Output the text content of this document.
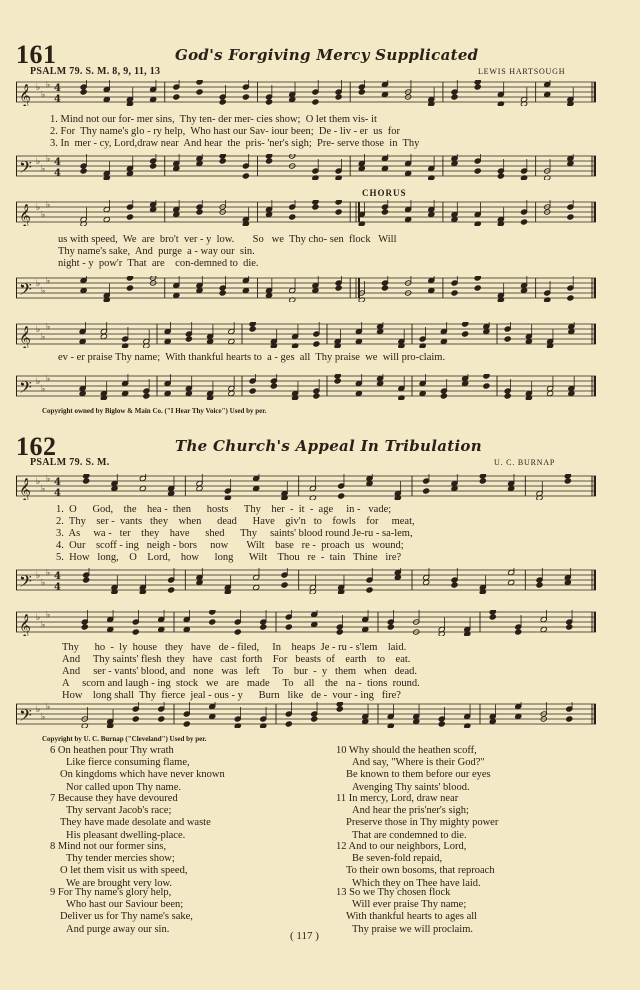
161	God's Forgiving Mercy Supplicated
PSALM 79. S. M. 8, 9, 11, 13	LEWIS HARTSOUGH
𝄞 ♭
♭
♭ 4
4
1. Mind not our for- mer sins,  Thy ten- der mer- cies show;  O let them vis- it
2. For  Thy name's glo - ry help,  Who hast our Sav- iour been;  De - liv - er  us  for
3. In  mer - cy, Lord,draw near  And hear  the  pris- 'ner's sigh;  Pre- serve those  in  Thy
𝄢 ♭
♭
♭ 4
4
CHORUS
𝄞 ♭
♭
♭
us with speed,  We  are  bro't  ver - y  low.       So   we  Thy cho- sen  flock   Will
Thy name's sake,  And  purge  a - way our  sin.
night - y  pow'r  That  are    con-demned to  die.
𝄢 ♭
♭
♭
𝄞 ♭
♭
♭
ev - er praise Thy name;  With thankful hearts to  a - ges  all  Thy praise  we  will pro-claim.
𝄢 ♭
♭
♭
Copyright owned by Biglow & Main Co. ("I Hear Thy Voice") Used by per.
162	The Church's Appeal In Tribulation
PSALM 79. S. M.	U. C. BURNAP
𝄞 ♭
♭
♭ 4
4
1.  O      God,    the    hea -  then      hosts      Thy    her  -  it  -  age     in -   vade;
2.  Thy    ser -  vants   they    when      dead      Have    giv'n   to    fowls    for     meat,
3.  As     wa -   ter    they    have      shed      Thy     saints' blood round Je-ru - sa-lem,
4.  Our    scoff - ing   neigh - bors     now       Wilt    base   re -  proach  us   wound;
5.  How   long,    O    Lord,    how      long      Wilt    Thou   re  -  tain   Thine   ire?
𝄢 ♭
♭
♭ 4
4
𝄞 ♭
♭
♭
Thy      ho  -  ly  house   they   have   de - filed,     In    heaps  Je - ru - s'lem    laid.
And     Thy saints' flesh  they   have   cast  forth    For   beasts  of    earth    to    eat.
And     ser - vants' blood, and   none   was   left     To    bur  -  y   them   when   dead.
A     scorn and laugh - ing  stock   we   are   made     To    all    the   na -  tions  round.
How    long shall  Thy  fierce  jeal - ous - y      Burn   like   de -  vour - ing   fire?
𝄢 ♭
♭
♭
Copyright by U. C. Burnap ("Cleveland") Used by per.
6 On heathen pour Thy wrath
Like fierce consuming flame,
On kingdoms which have never known
Nor called upon Thy name.
7 Because they have devoured
Thy servant Jacob's race;
They have made desolate and waste
His pleasant dwelling-place.
8 Mind not our former sins,
Thy tender mercies show;
O let them visit us with speed,
We are brought very low.
9 For Thy name's glory help,
Who hast our Saviour been;
Deliver us for Thy name's sake,
And purge away our sin.
10 Why should the heathen scoff,
And say, "Where is their God?"
Be known to them before our eyes
Avenging Thy saints' blood.
11 In mercy, Lord, draw near
And hear the pris'ner's sigh;
Preserve those in Thy mighty power
That are condemned to die.
12 And to our neighbors, Lord,
Be seven-fold repaid,
To their own bosoms, that reproach
Which they on Thee have laid.
13 So we Thy chosen flock
Will ever praise Thy name;
With thankful hearts to ages all
Thy praise we will proclaim.
( 117 )
